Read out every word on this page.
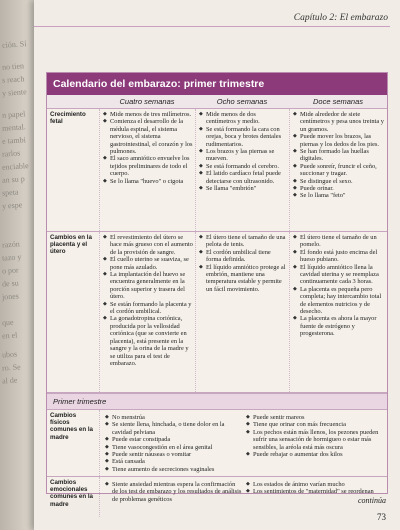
ción. Sí
no tien
s reach
y siente
n papel
mental.
e tambi
rarlos
enciable
an su p
speta
y espe
razón
tazo y
o por
de su
jones
que
en el
ubos
ro. Se
al de
Capítulo 2: El embarazo
Calendario del embarazo: primer trimestre
Cuatro semanas	Ocho semanas	Doce semanas
Crecimiento fetal
◆ Mide menos de tres milímetros.
◆ Comienza el desarrollo de la médula espinal, el sistema nervioso, el sistema gastrointestinal, el corazón y los pulmones.
◆ El saco amniótico envuelve los tejidos preliminares de todo el cuerpo.
◆ Se lo llama "huevo" o cigota
◆ Mide menos de dos centímetros y medio.
◆ Se está formando la cara con orejas, boca y brotes dentales rudimentarios.
◆ Los brazos y las piernas se mueven.
◆ Se está formando el cerebro.
◆ El latido cardíaco fetal puede detectarse con ultrasonido.
◆ Se llama "embrión"
◆ Mide alrededor de siete centímetros y pesa unos treinta y un gramos.
◆ Puede mover los brazos, las piernas y los dedos de los pies.
◆ Se han formado las huellas digitales.
◆ Puede sonreír, fruncir el ceño, succionar y tragar.
◆ Se distingue el sexo.
◆ Puede orinar.
◆ Se lo llama "feto"
Cambios en la placenta y el útero
◆ El revestimiento del útero se hace más grueso con el aumento de la provisión de sangre.
◆ El cuello uterino se suaviza, se pone más azulado.
◆ La implantación del huevo se encuentra generalmente en la porción superior y trasera del útero.
◆ Se están formando la placenta y el cordón umbilical.
◆ La gonadotropina coriónica, producida por la vellosidad coriónica (que se convierte en placenta), está presente en la sangre y la orina de la madre y se utiliza para el test de embarazo.
◆ El útero tiene el tamaño de una pelota de tenis.
◆ El cordón umbilical tiene forma definida.
◆ El líquido amniótico protege al embrión, mantiene una temperatura estable y permite un fácil movimiento.
◆ El útero tiene el tamaño de un pomelo.
◆ El fondo está justo encima del hueso pubiano.
◆ El líquido amniótico llena la cavidad uterina y se reemplaza continuamente cada 3 horas.
◆ La placenta es pequeña pero completa; hay intercambio total de elementos nutricios y de desecho.
◆ La placenta es ahora la mayor fuente de estrógeno y progesterona.
Primer trimestre
Cambios físicos comunes en la madre
◆ No menstrúa
◆ Se siente llena, hinchada, o tiene dolor en la cavidad pelviana
◆ Puede estar constipada
◆ Tiene vasocongestión en el área genital
◆ Puede sentir náuseas o vomitar
◆ Está cansada
◆ Tiene aumento de secreciones vaginales
◆ Puede sentir mareos
◆ Tiene que orinar con más frecuencia
◆ Los pechos están más llenos, los pezones pueden sufrir una sensación de hormigueo o estar más sensibles, la aréola está más oscura
◆ Puede rebajar o aumentar dos kilos
Cambios emocionales comunes en la madre
◆ Siente ansiedad mientras espera la confirmación de los test de embarazo y los resultados de análisis de problemas genéticos
◆ Los estados de ánimo varían mucho
◆ Los sentimientos de "maternidad" se reordenan
continúa
73
